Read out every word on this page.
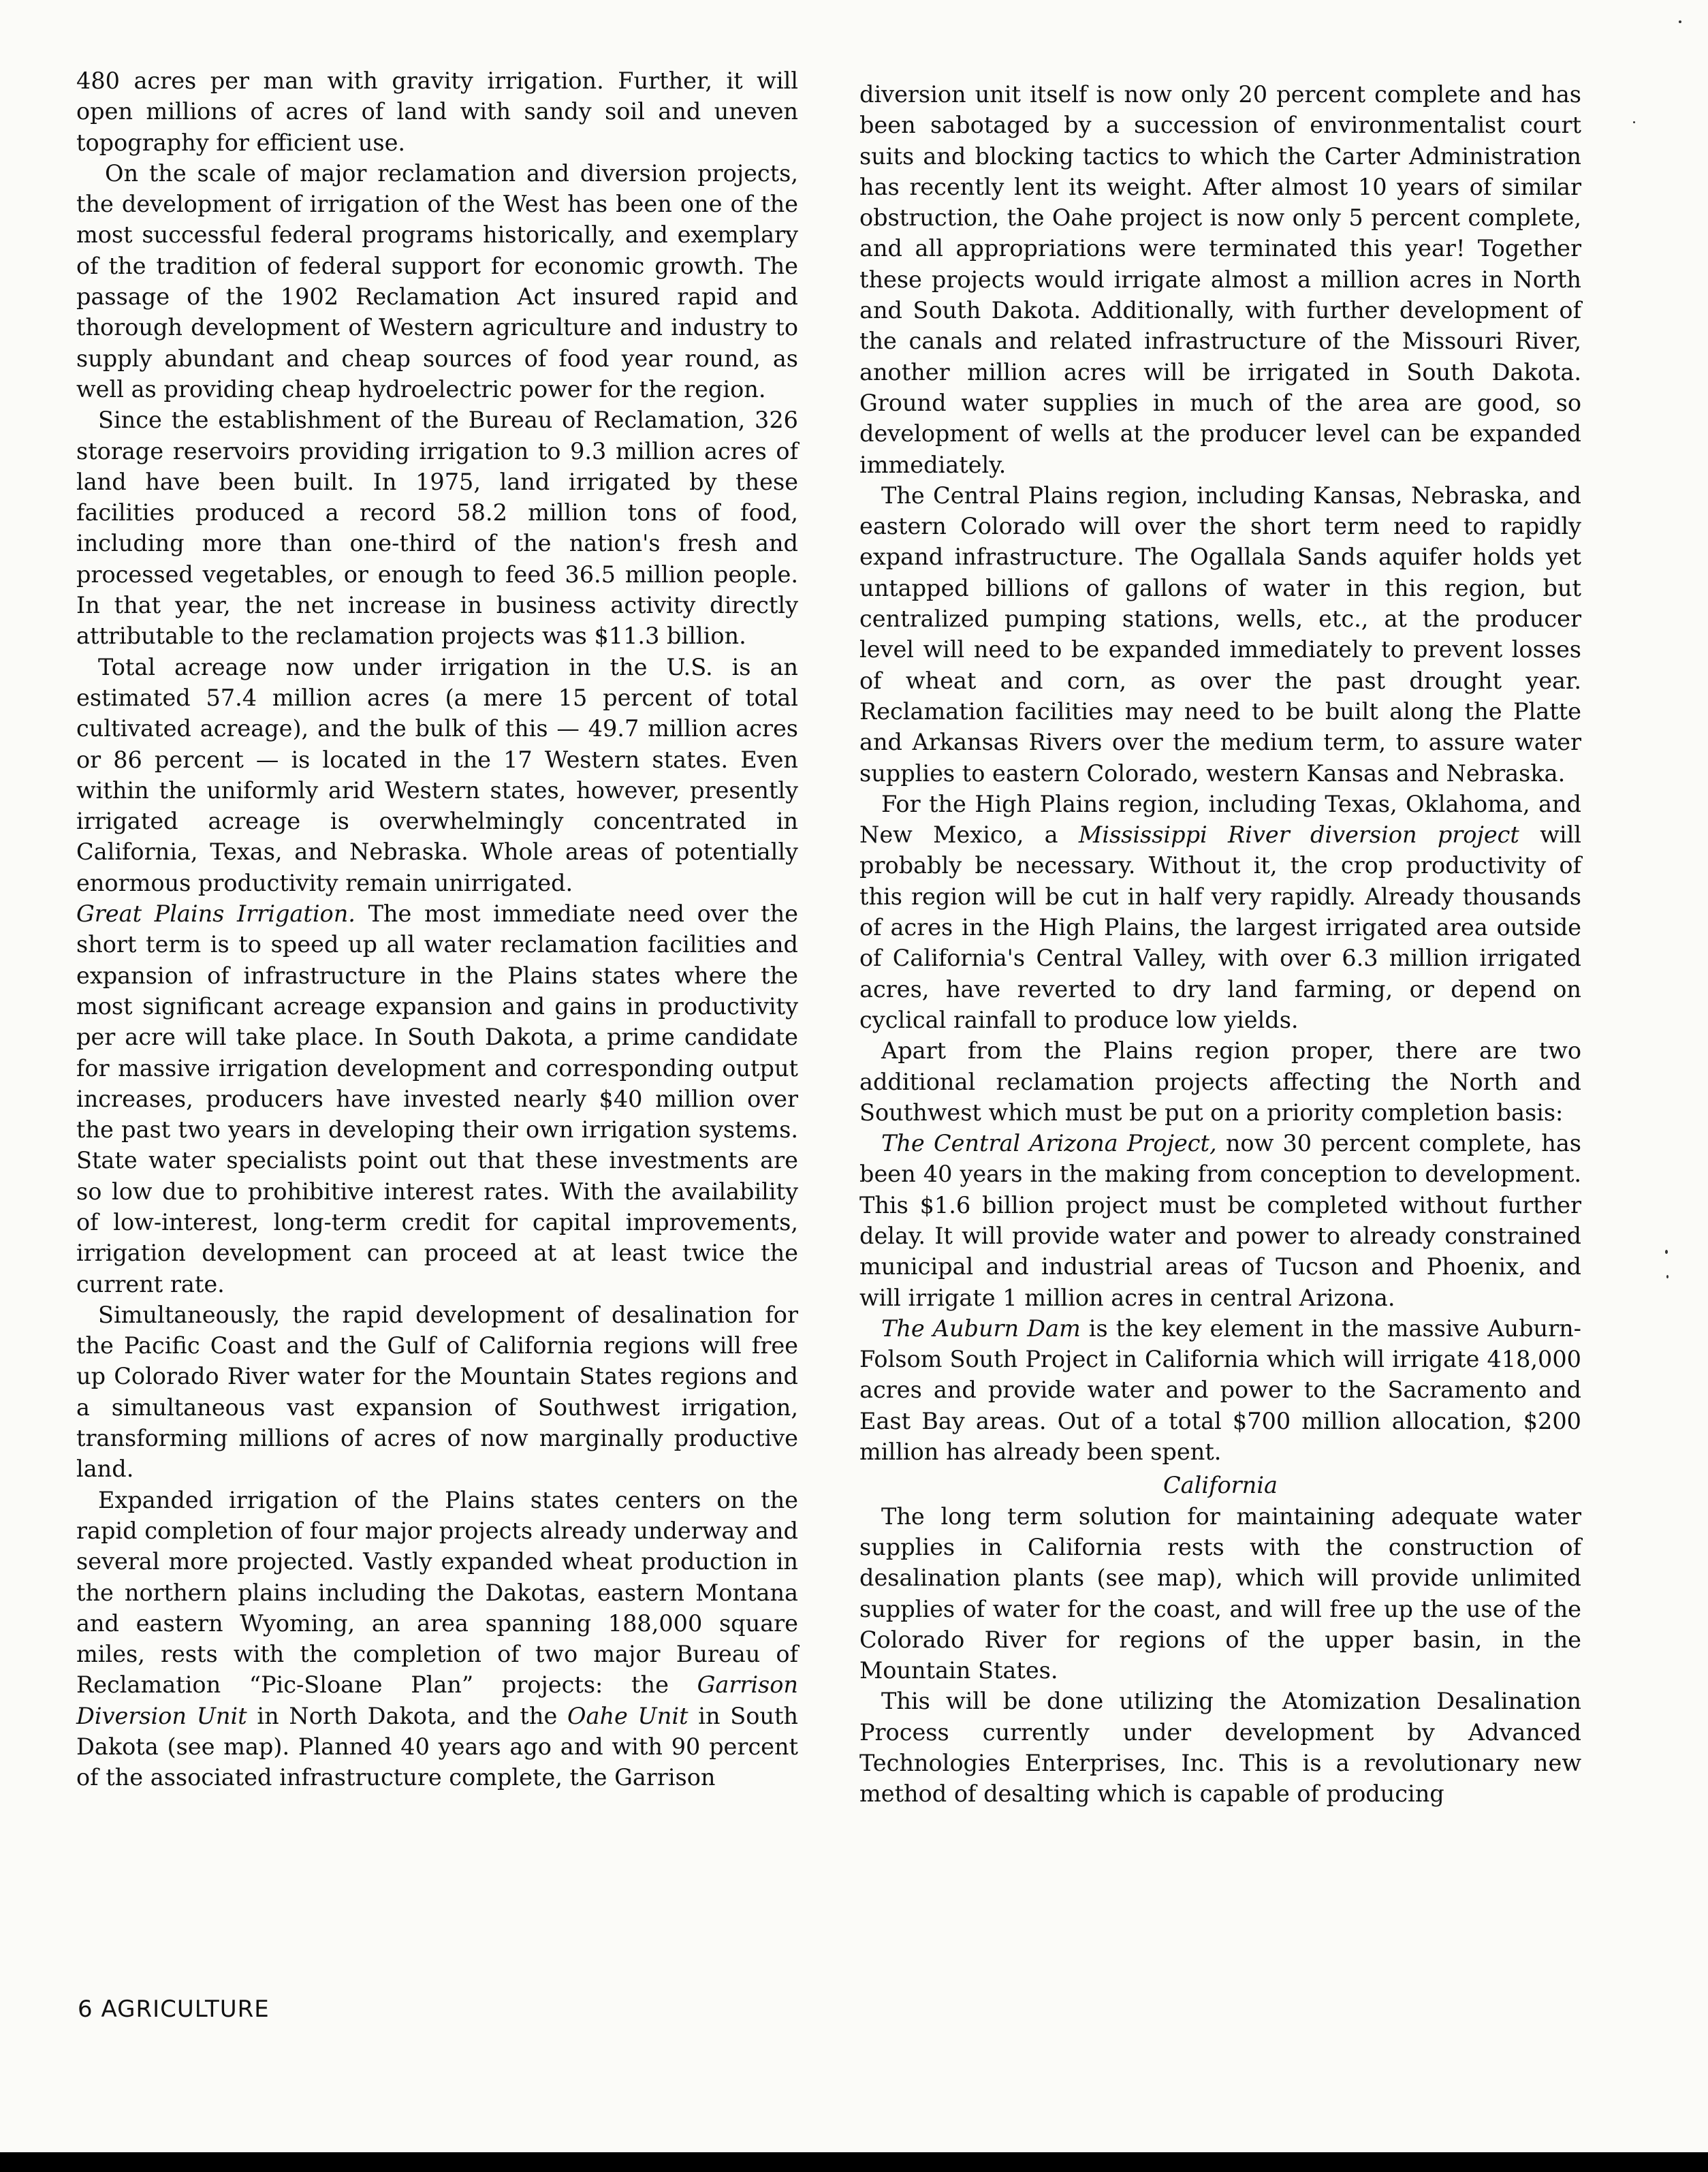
480 acres per man with gravity irrigation. Further, it will open millions of acres of land with sandy soil and uneven topography for efficient use.

On the scale of major reclamation and diversion projects, the development of irrigation of the West has been one of the most successful federal programs historically, and exemplary of the tradition of federal support for economic growth. The passage of the 1902 Reclamation Act insured rapid and thorough development of Western agriculture and industry to supply abundant and cheap sources of food year round, as well as providing cheap hydroelectric power for the region.

Since the establishment of the Bureau of Reclamation, 326 storage reservoirs providing irrigation to 9.3 million acres of land have been built. In 1975, land irrigated by these facilities produced a record 58.2 million tons of food, including more than one-third of the nation's fresh and processed vegetables, or enough to feed 36.5 million people. In that year, the net increase in business activity directly attributable to the reclamation projects was $11.3 billion.

Total acreage now under irrigation in the U.S. is an estimated 57.4 million acres (a mere 15 percent of total cultivated acreage), and the bulk of this — 49.7 million acres or 86 percent — is located in the 17 Western states. Even within the uniformly arid Western states, however, presently irrigated acreage is overwhelmingly concentrated in California, Texas, and Nebraska. Whole areas of potentially enormous productivity remain unirrigated.

Great Plains Irrigation. The most immediate need over the short term is to speed up all water reclamation facilities and expansion of infrastructure in the Plains states where the most significant acreage expansion and gains in productivity per acre will take place. In South Dakota, a prime candidate for massive irrigation development and corresponding output increases, producers have invested nearly $40 million over the past two years in developing their own irrigation systems. State water specialists point out that these investments are so low due to prohibitive interest rates. With the availability of low-interest, long-term credit for capital improvements, irrigation development can proceed at at least twice the current rate.

Simultaneously, the rapid development of desalination for the Pacific Coast and the Gulf of California regions will free up Colorado River water for the Mountain States regions and a simultaneous vast expansion of Southwest irrigation, transforming millions of acres of now marginally productive land.

Expanded irrigation of the Plains states centers on the rapid completion of four major projects already underway and several more projected. Vastly expanded wheat production in the northern plains including the Dakotas, eastern Montana and eastern Wyoming, an area spanning 188,000 square miles, rests with the completion of two major Bureau of Reclamation “Pic-Sloane Plan” projects: the Garrison Diversion Unit in North Dakota, and the Oahe Unit in South Dakota (see map). Planned 40 years ago and with 90 percent of the associated infrastructure complete, the Garrison

diversion unit itself is now only 20 percent complete and has been sabotaged by a succession of environmentalist court suits and blocking tactics to which the Carter Administration has recently lent its weight. After almost 10 years of similar obstruction, the Oahe project is now only 5 percent complete, and all appropriations were terminated this year! Together these projects would irrigate almost a million acres in North and South Dakota. Additionally, with further development of the canals and related infrastructure of the Missouri River, another million acres will be irrigated in South Dakota. Ground water supplies in much of the area are good, so development of wells at the producer level can be expanded immediately.

The Central Plains region, including Kansas, Nebraska, and eastern Colorado will over the short term need to rapidly expand infrastructure. The Ogallala Sands aquifer holds yet untapped billions of gallons of water in this region, but centralized pumping stations, wells, etc., at the producer level will need to be expanded immediately to prevent losses of wheat and corn, as over the past drought year. Reclamation facilities may need to be built along the Platte and Arkansas Rivers over the medium term, to assure water supplies to eastern Colorado, western Kansas and Nebraska.

For the High Plains region, including Texas, Oklahoma, and New Mexico, a Mississippi River diversion project will probably be necessary. Without it, the crop productivity of this region will be cut in half very rapidly. Already thousands of acres in the High Plains, the largest irrigated area outside of California's Central Valley, with over 6.3 million irrigated acres, have reverted to dry land farming, or depend on cyclical rainfall to produce low yields.

Apart from the Plains region proper, there are two additional reclamation projects affecting the North and Southwest which must be put on a priority completion basis:

The Central Arizona Project, now 30 percent complete, has been 40 years in the making from conception to development. This $1.6 billion project must be completed without further delay. It will provide water and power to already constrained municipal and industrial areas of Tucson and Phoenix, and will irrigate 1 million acres in central Arizona.

The Auburn Dam is the key element in the massive Auburn-Folsom South Project in California which will irrigate 418,000 acres and provide water and power to the Sacramento and East Bay areas. Out of a total $700 million allocation, $200 million has already been spent.

California

The long term solution for maintaining adequate water supplies in California rests with the construction of desalination plants (see map), which will provide unlimited supplies of water for the coast, and will free up the use of the Colorado River for regions of the upper basin, in the Mountain States.

This will be done utilizing the Atomization Desalination Process currently under development by Advanced Technologies Enterprises, Inc. This is a revolutionary new method of desalting which is capable of producing

6 AGRICULTURE
